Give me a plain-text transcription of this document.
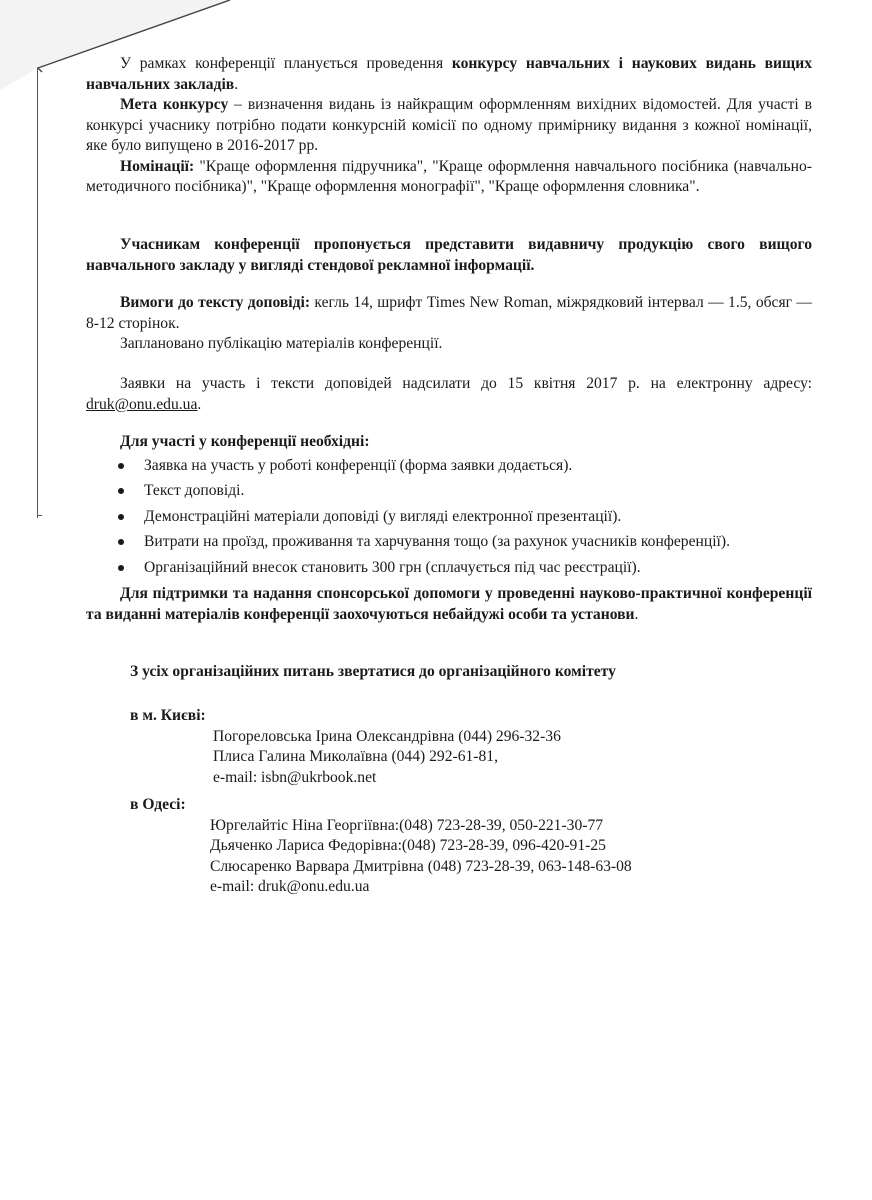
У рамках конференції планується проведення конкурсу навчальних і наукових видань вищих навчальних закладів.

Мета конкурсу – визначення видань із найкращим оформленням вихідних відомостей. Для участі в конкурсі учаснику потрібно подати конкурсній комісії по одному примірнику видання з кожної номінації, яке було випущено в 2016-2017 рр.

Номінації: "Краще оформлення підручника", "Краще оформлення навчального посібника (навчально-методичного посібника)", "Краще оформлення монографії", "Краще оформлення словника".

Учасникам конференції пропонується представити видавничу продукцію свого вищого навчального закладу у вигляді стендової рекламної інформації.

Вимоги до тексту доповіді: кегль 14, шрифт Times New Roman, міжрядковий інтервал — 1.5, обсяг — 8-12 сторінок.

Заплановано публікацію матеріалів конференції.

Заявки на участь і тексти доповідей надсилати до 15 квітня 2017 р. на електронну адресу: druk@onu.edu.ua.

Для участі у конференції необхідні:

Заявка на участь у роботі конференції (форма заявки додається).
Текст доповіді.
Демонстраційні матеріали доповіді (у вигляді електронної презентації).
Витрати на проїзд, проживання та харчування тощо (за рахунок учасників конференції).
Організаційний внесок становить 300 грн (сплачується під час реєстрації).

Для підтримки та надання спонсорської допомоги у проведенні науково-практичної конференції та виданні матеріалів конференції заохочуються небайдужі особи та установи.

З усіх організаційних питань звертатися до організаційного комітету
в м. Києві:
Погореловська Ірина Олександрівна (044) 296-32-36
Плиса Галина Миколаївна (044) 292-61-81,
e-mail: isbn@ukrbook.net
в Одесі:
Юргелайтіс Ніна Георгіївна:(048) 723-28-39, 050-221-30-77
Дьяченко Лариса Федорівна:(048) 723-28-39, 096-420-91-25
Слюсаренко Варвара Дмитрівна (048) 723-28-39, 063-148-63-08
e-mail: druk@onu.edu.ua
